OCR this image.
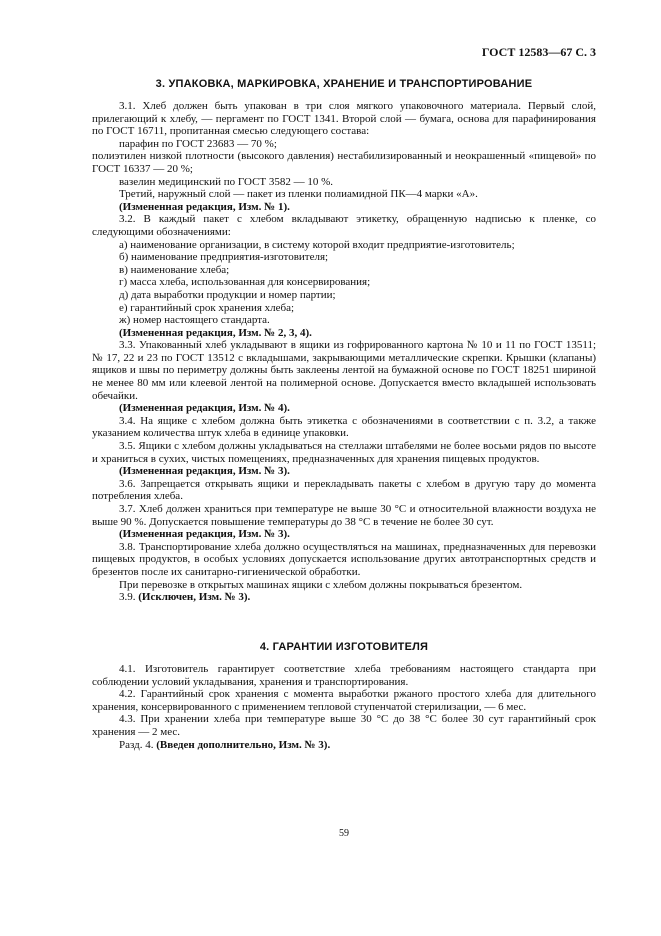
ГОСТ 12583—67 С. 3
3. УПАКОВКА, МАРКИРОВКА, ХРАНЕНИЕ И ТРАНСПОРТИРОВАНИЕ

3.1. Хлеб должен быть упакован в три слоя мягкого упаковочного материала. Первый слой, прилегающий к хлебу, — пергамент по ГОСТ 1341. Второй слой — бумага, основа для парафинирования по ГОСТ 16711, пропитанная смесью следующего состава:

парафин по ГОСТ 23683 — 70 %;

полиэтилен низкой плотности (высокого давления) нестабилизированный и неокрашенный «пищевой» по ГОСТ 16337 — 20 %;

вазелин медицинский по ГОСТ 3582 — 10 %.

Третий, наружный слой — пакет из пленки полиамидной ПК—4 марки «А».

(Измененная редакция, Изм. № 1).

3.2. В каждый пакет с хлебом вкладывают этикетку, обращенную надписью к пленке, со следующими обозначениями:

а) наименование организации, в систему которой входит предприятие-изготовитель;

б) наименование предприятия-изготовителя;

в) наименование хлеба;

г) масса хлеба, использованная для консервирования;

д) дата выработки продукции и номер партии;

е) гарантийный срок хранения хлеба;

ж) номер настоящего стандарта.

(Измененная редакция, Изм. № 2, 3, 4).

3.3. Упакованный хлеб укладывают в ящики из гофрированного картона № 10 и 11 по ГОСТ 13511; № 17, 22 и 23 по ГОСТ 13512 с вкладышами, закрывающими металлические скрепки. Крышки (клапаны) ящиков и швы по периметру должны быть заклеены лентой на бумажной основе по ГОСТ 18251 шириной не менее 80 мм или клеевой лентой на полимерной основе. Допускается вместо вкладышей использовать обечайки.

(Измененная редакция, Изм. № 4).

3.4. На ящике с хлебом должна быть этикетка с обозначениями в соответствии с п. 3.2, а также указанием количества штук хлеба в единице упаковки.

3.5. Ящики с хлебом должны укладываться на стеллажи штабелями не более восьми рядов по высоте и храниться в сухих, чистых помещениях, предназначенных для хранения пищевых продуктов.

(Измененная редакция, Изм. № 3).

3.6. Запрещается открывать ящики и перекладывать пакеты с хлебом в другую тару до момента потребления хлеба.

3.7. Хлеб должен храниться при температуре не выше 30 °С и относительной влажности воздуха не выше 90 %. Допускается повышение температуры до 38 °С в течение не более 30 сут.

(Измененная редакция, Изм. № 3).

3.8. Транспортирование хлеба должно осуществляться на машинах, предназначенных для перевозки пищевых продуктов, в особых условиях допускается использование других автотранспортных средств и брезентов после их санитарно-гигиенической обработки.

При перевозке в открытых машинах ящики с хлебом должны покрываться брезентом.

3.9. (Исключен, Изм. № 3).

4. ГАРАНТИИ ИЗГОТОВИТЕЛЯ

4.1. Изготовитель гарантирует соответствие хлеба требованиям настоящего стандарта при соблюдении условий укладывания, хранения и транспортирования.

4.2. Гарантийный срок хранения с момента выработки ржаного простого хлеба для длительного хранения, консервированного с применением тепловой ступенчатой стерилизации, — 6 мес.

4.3. При хранении хлеба при температуре выше 30 °С до 38 °С более 30 сут гарантийный срок хранения — 2 мес.

Разд. 4. (Введен дополнительно, Изм. № 3).

59
